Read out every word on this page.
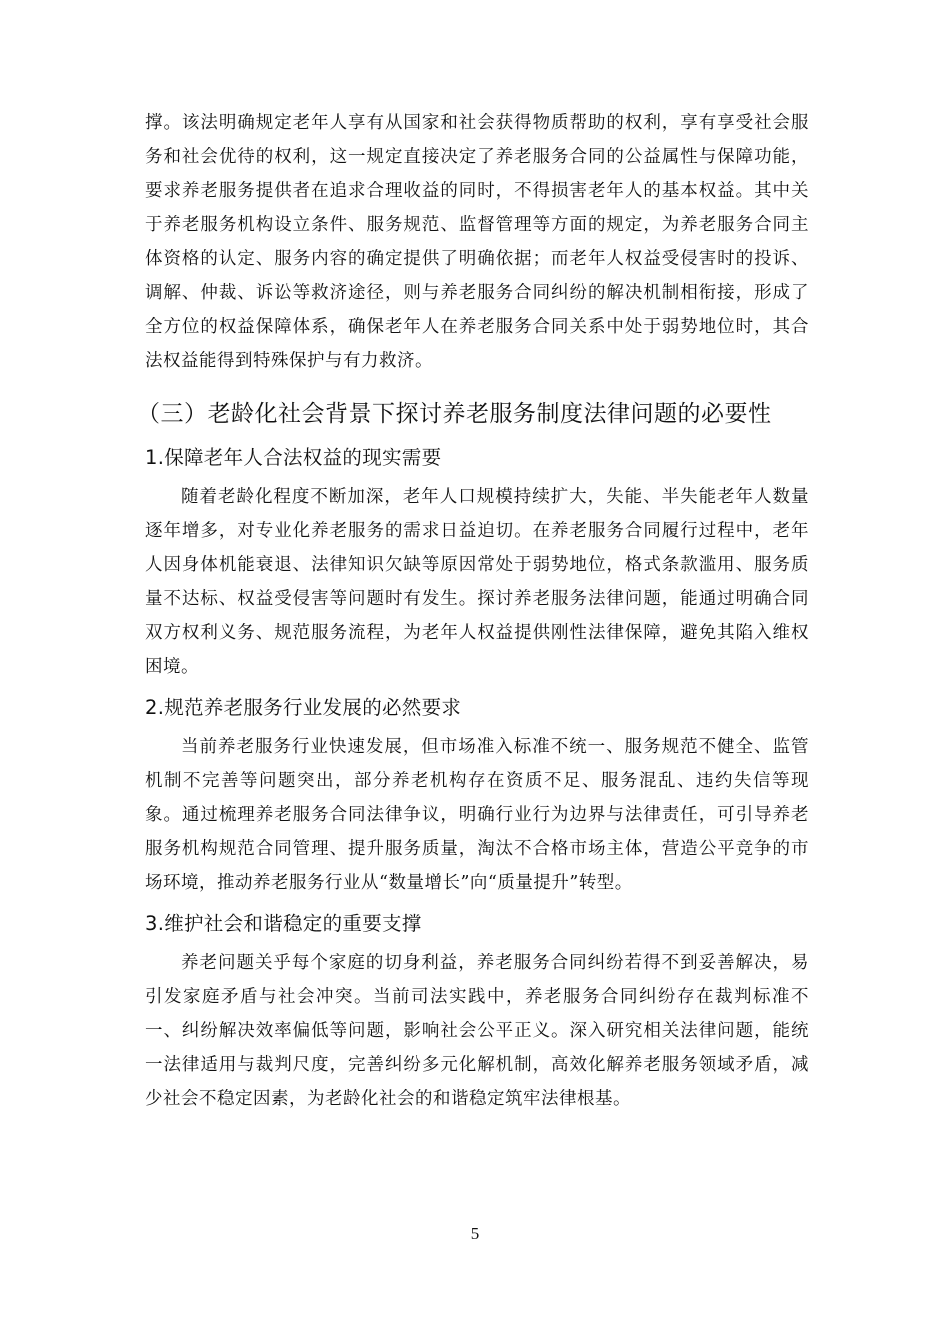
撑。该法明确规定老年人享有从国家和社会获得物质帮助的权利，享有享受社会服务和社会优待的权利，这一规定直接决定了养老服务合同的公益属性与保障功能，要求养老服务提供者在追求合理收益的同时，不得损害老年人的基本权益。其中关于养老服务机构设立条件、服务规范、监督管理等方面的规定，为养老服务合同主体资格的认定、服务内容的确定提供了明确依据；而老年人权益受侵害时的投诉、调解、仲裁、诉讼等救济途径，则与养老服务合同纠纷的解决机制相衔接，形成了全方位的权益保障体系，确保老年人在养老服务合同关系中处于弱势地位时，其合法权益能得到特殊保护与有力救济。

（三）老龄化社会背景下探讨养老服务制度法律问题的必要性
1.保障老年人合法权益的现实需要

随着老龄化程度不断加深，老年人口规模持续扩大，失能、半失能老年人数量逐年增多，对专业化养老服务的需求日益迫切。在养老服务合同履行过程中，老年人因身体机能衰退、法律知识欠缺等原因常处于弱势地位，格式条款滥用、服务质量不达标、权益受侵害等问题时有发生。探讨养老服务法律问题，能通过明确合同双方权利义务、规范服务流程，为老年人权益提供刚性法律保障，避免其陷入维权困境。

2.规范养老服务行业发展的必然要求

当前养老服务行业快速发展，但市场准入标准不统一、服务规范不健全、监管机制不完善等问题突出，部分养老机构存在资质不足、服务混乱、违约失信等现象。通过梳理养老服务合同法律争议，明确行业行为边界与法律责任，可引导养老服务机构规范合同管理、提升服务质量，淘汰不合格市场主体，营造公平竞争的市场环境，推动养老服务行业从“数量增长”向“质量提升”转型。

3.维护社会和谐稳定的重要支撑

养老问题关乎每个家庭的切身利益，养老服务合同纠纷若得不到妥善解决，易引发家庭矛盾与社会冲突。当前司法实践中，养老服务合同纠纷存在裁判标准不一、纠纷解决效率偏低等问题，影响社会公平正义。深入研究相关法律问题，能统一法律适用与裁判尺度，完善纠纷多元化解机制，高效化解养老服务领域矛盾，减少社会不稳定因素，为老龄化社会的和谐稳定筑牢法律根基。

5
